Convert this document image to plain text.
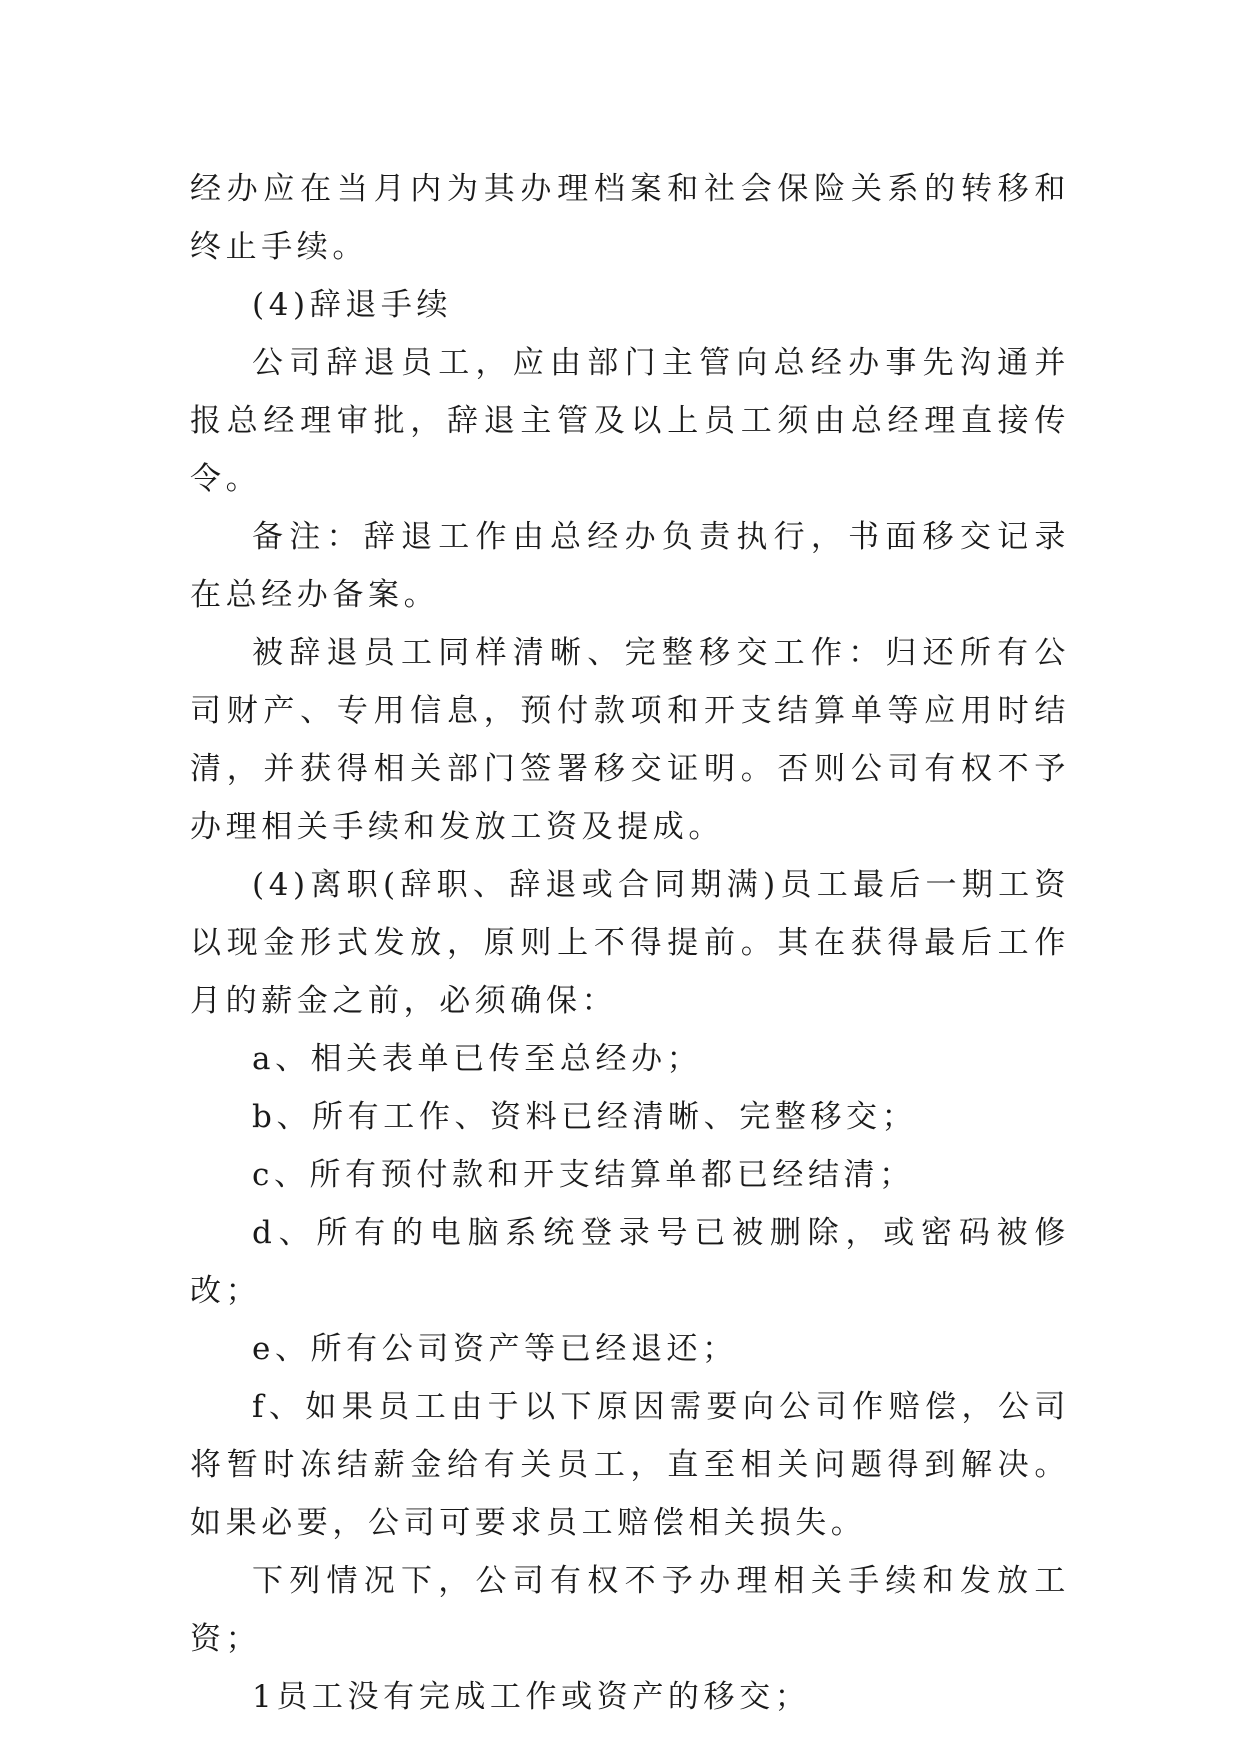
经办应在当月内为其办理档案和社会保险关系的转移和终止手续。

(4)辞退手续

公司辞退员工，应由部门主管向总经办事先沟通并报总经理审批，辞退主管及以上员工须由总经理直接传令。

备注：辞退工作由总经办负责执行，书面移交记录在总经办备案。

被辞退员工同样清晰、完整移交工作：归还所有公司财产、专用信息，预付款项和开支结算单等应用时结清，并获得相关部门签署移交证明。否则公司有权不予办理相关手续和发放工资及提成。

(4)离职(辞职、辞退或合同期满)员工最后一期工资以现金形式发放，原则上不得提前。其在获得最后工作月的薪金之前，必须确保：

a、相关表单已传至总经办；

b、所有工作、资料已经清晰、完整移交；

c、所有预付款和开支结算单都已经结清；

d、所有的电脑系统登录号已被删除，或密码被修改；

e、所有公司资产等已经退还；

f、如果员工由于以下原因需要向公司作赔偿，公司将暂时冻结薪金给有关员工，直至相关问题得到解决。如果必要，公司可要求员工赔偿相关损失。

下列情况下，公司有权不予办理相关手续和发放工资；

1员工没有完成工作或资产的移交；
